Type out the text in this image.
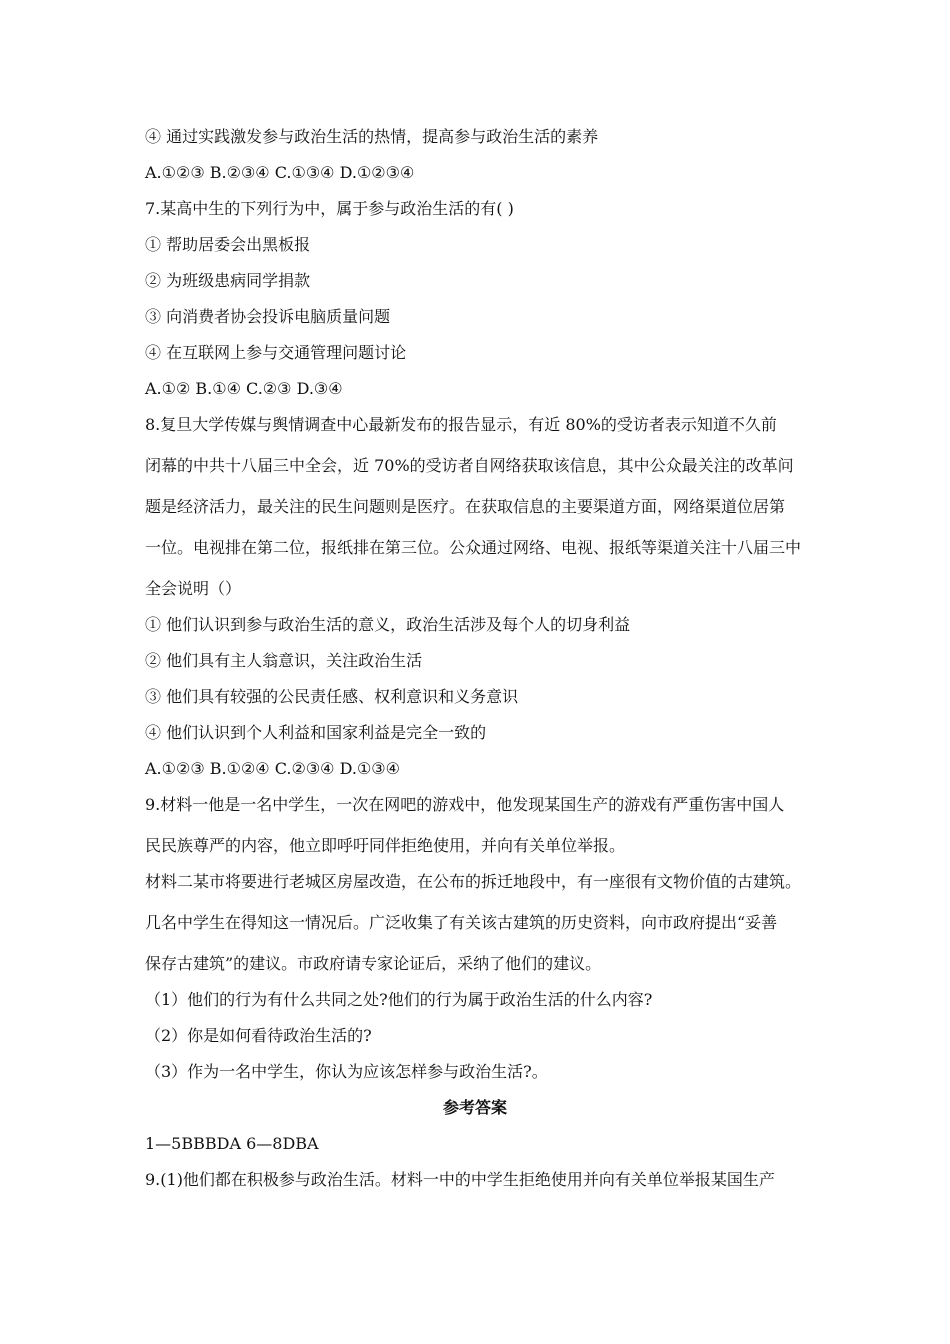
④ 通过实践激发参与政治生活的热情，提高参与政治生活的素养
A.①②③ B.②③④ C.①③④ D.①②③④
7.某高中生的下列行为中，属于参与政治生活的有( )
① 帮助居委会出黑板报
② 为班级患病同学捐款
③ 向消费者协会投诉电脑质量问题
④ 在互联网上参与交通管理问题讨论
A.①② B.①④ C.②③ D.③④
8.复旦大学传媒与舆情调查中心最新发布的报告显示，有近 80%的受访者表示知道不久前
闭幕的中共十八届三中全会，近 70%的受访者自网络获取该信息，其中公众最关注的改革问
题是经济活力，最关注的民生问题则是医疗。在获取信息的主要渠道方面，网络渠道位居第
一位。电视排在第二位，报纸排在第三位。公众通过网络、电视、报纸等渠道关注十八届三中
全会说明（）
① 他们认识到参与政治生活的意义，政治生活涉及每个人的切身利益
② 他们具有主人翁意识，关注政治生活
③ 他们具有较强的公民责任感、权利意识和义务意识
④ 他们认识到个人利益和国家利益是完全一致的
A.①②③ B.①②④ C.②③④ D.①③④
9.材料一他是一名中学生，一次在网吧的游戏中，他发现某国生产的游戏有严重伤害中国人
民民族尊严的内容，他立即呼吁同伴拒绝使用，并向有关单位举报。
材料二某市将要进行老城区房屋改造，在公布的拆迁地段中，有一座很有文物价值的古建筑。
几名中学生在得知这一情况后。广泛收集了有关该古建筑的历史资料，向市政府提出“妥善
保存古建筑”的建议。市政府请专家论证后，采纳了他们的建议。
（1）他们的行为有什么共同之处?他们的行为属于政治生活的什么内容?
（2）你是如何看待政治生活的?
（3）作为一名中学生，你认为应该怎样参与政治生活?。
参考答案
1—5BBBDA 6—8DBA
9.(1)他们都在积极参与政治生活。材料一中的中学生拒绝使用并向有关单位举报某国生产
